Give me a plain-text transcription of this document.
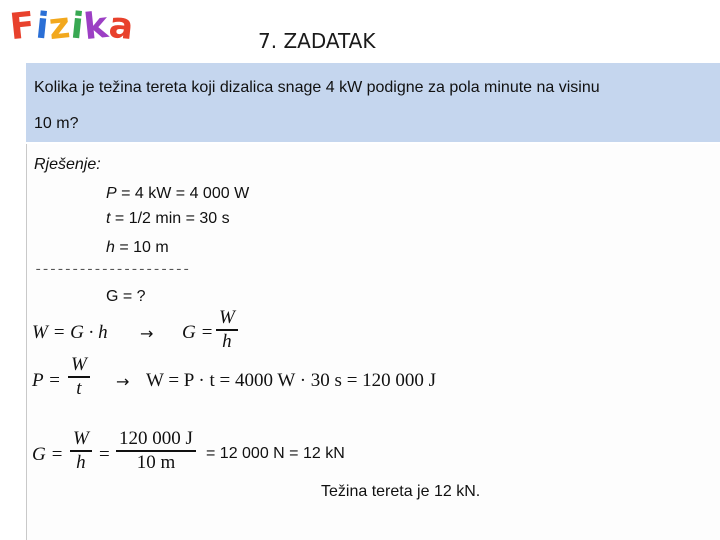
Fizika	7. ZADATAK

Kolika je težina tereta koji dizalica snage 4 kW podigne za pola minute na visinu

10 m?

Rješenje:
P = 4 kW = 4 000 W
t = 1/2 min = 30 s
h = 10 m
---------------------
G = ?
W = G · h → G =
W
h
P =
W
t → W = P · t = 4000 W · 30 s = 120 000 J
G =
W
h =
120 000 J
10 m = 12 000 N = 12 kN
Težina tereta je 12 kN.
